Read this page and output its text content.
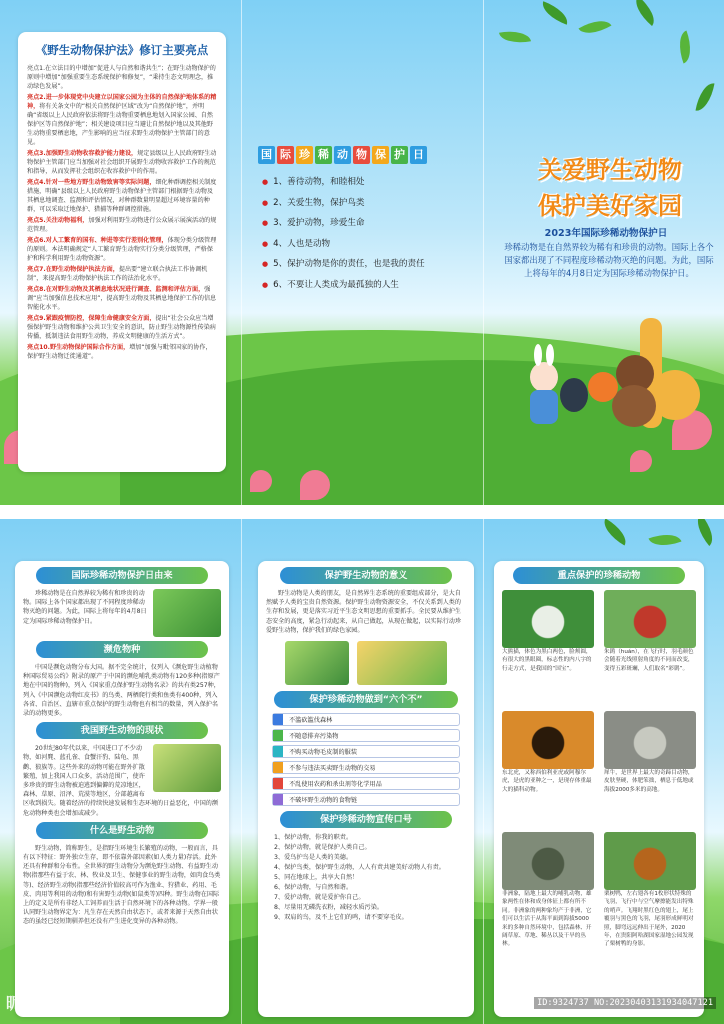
《野生动物保护法》修订主要亮点
亮点1.在立法目的中增加“促进人与自然和谐共生”；在野生动物保护的原则中增加“加强重要生态系统保护和修复”，“秉持生态文明理念，推动绿色发展”。
亮点2.进一步体现党中央建立以国家公园为主体的自然保护地体系的精神，将有关条文中的“相关自然保护区域”改为“自然保护地”，并明确“省级以上人民政府依法将野生动物重要栖息地划入国家公园、自然保护区等自然保护地”；相关建设项目应当避让自然保护地以及其他野生动物重要栖息地，产生影响的应当征求野生动物保护主管部门的意见。
亮点3.加强野生动物收容救护能力建设，规定县级以上人民政府野生动物保护主管部门应当加强对社会组织开展野生动物收容救护工作的规范和指导，从而发挥社会组织在收容救护中的作用。
亮点4.针对一些地方野生动物致害等实际问题，细化种群调控相关制度措施，明确“县级以上人民政府野生动物保护主管部门根据野生动物及其栖息地调查、监测和评估情况，对种群数量明显超过环境容量的种群，可以采取迁地保护、猎捕等种群调控措施。
亮点5.关注动物福利，加强对利用野生动物进行公众展示展演活动的规范管理。
亮点6.对人工繁育的国有、种进等实行差别化管理，体现分类分级管理的原则。本法明确规定“人工繁育野生动物实行分类分级管理，严格保护和科学利用野生动物资源”。
亮点7.在野生动物保护执法方面，提出要“建立联合执法工作协调机制”，来提高野生动物保护执法工作的法治化水平。
亮点8.在对野生动物及其栖息地状况进行调查、监测和评估方面，强调“应当加强信息技术应用”，提高野生动物及其栖息地保护工作的信息智能化水平。
亮点9.紧跟疫情防控，保障生命健康安全方面，提出“社会公众应当增强保护野生动物和维护公共卫生安全的意识，防止野生动物源性传染病传播，抵制违法食用野生动物，养成文明健康的生活方式”。
亮点10.野生动物保护国际合作方面，增加“加强与毗邻国家的协作，保护野生动物迁徙通道”。
国 际 珍 稀 动 物 保 护 日
● 1、善待动物，和睦相处
● 2、关爱生物，保护鸟类
● 3、爱护动物，珍爱生命
● 4、人也是动物
● 5、保护动物是你的责任，也是我的责任
● 6、不要让人类成为最孤独的人生
关爱野生动物
保护美好家园
2023年国际珍稀动物保护日
珍稀动物是在自然界较为稀有和珍贵的动物。国际上各个国家都出现了不同程度珍稀动物灭绝的问题。为此，国际上将每年的4月8日定为国际珍稀动物保护日。
国际珍稀动物保护日由来
珍稀动物是在自然界较为稀有和珍贵的动物。国际上各个国家都出现了不同程度珍稀动物灭绝的问题。为此，国际上将每年的4月8日定为国际珍稀动物保护日。
濒危物种
中国是濒危动物分布大国。据不完全统计，仅列入《濒危野生动植物种国际贸易公约》附录的原产于中国的濒危哺乳类动物有120多种(指原产地在中国的物种)，列入《国家重点保护野生动物名录》的共有类257种，列入《中国濒危动物红皮书》的鸟类、两栖爬行类和鱼类有400种，列入各省、自治区、直辖市重点保护的野生动物也有相当的数量，列入保护名录的动物更多。
我国野生动物的现状
20世纪80年代以来，中国进口了不少动物，如河麂、蓝孔雀、食蟹汗豹、陆龟、黑鹳、狼族等。这些外来的动物可能在野外扩散繁殖，加上我国人口众多，活动范围广，使许多珍贵的野生动物被迫逃到偏僻的荒凉地区，森林、草原、沼泽、荒漠等地区，分部越离布区收到损失。随着经济的持续快速发展和生态环境的日益恶化，中国的濒危动物种类也会增加或减少。
什么是野生动物
野生动物，简称野生，是指野生环境生长繁殖的动物，一般而言，具有以下特征：野外独立生存，即不依靠外部因素(如人类力量)存活。此外还具有种群和分布性。全世界的野生动物分为濒危野生动物、有益野生动物(指那些有益于农、林、牧业及卫生、保健事业的野生动物，如肉食鸟类等)、经济野生动物(指那些经济价值较高可作为渔业、狩猎业、药用、毛皮、肉用等利用的动物)和有害野生动物(如鼠类等)四种。野生动物在国际上的定义是所有非经人工饲养而生活于自然环境下的各种动物。学界一般认同野生动物界定为：凡生存在天然自由状态下，或者来源于天然自由状态的虽经已经短期驯养但还没有产生进化变异的各种动物。
保护野生动物的意义
野生动物是人类的朋友，是自然界生态系统的重要组成部分，是大自然赋予人类的宝贵自然资源。保护野生动物资源安全，不仅关系到人类的生存和发展，更是落实习近平生态文明思想的重要抓手。全民要从维护生态安全的高度，紧急行动起来，从自己做起，从现在做起，以实际行动珍爱野生动物，保护我们的绿色家园。
保护珍稀动物做到“六个不”
不滥砍滥伐森林
不随意排弃污染物
不购买动物毛皮制的服装
不参与违法买卖野生动物的交易
不乱使用农药和杀虫剂等化学用品
不破坏野生动物的食物链
保护珍稀动物宣传口号
1、保护动物，你我的职责。
2、保护动物，就是保护人类自己。
3、爱鸟护鸟是人类的美德。
4、保护鸟类，保护野生动物，人人有责共建美好动物人有责。
5、同在地球上，共享大自然！
6、保护动物，与自然和谐。
7、爱护动物，就是爱护你自己。
8、尽量用无磷洗衣粉，减轻水质污染。
9、双肩的鸟，及不上它们的鸣，请不要穿毛皮。
重点保护的珍稀动物
大熊猫，体色为黑白两色，脸颊圆，有很大的黑眼圈，标志性的内八字的行走方式，是我国的“国宝”。
朱鹮（huán），在飞行时，羽毛颜色会随着光线照射角度的不同而改变，变得五彩斑斓，人们取名“彩鹮”。
东北虎，又称西伯利亚虎或阿穆尔虎，是虎的亚种之一，是现存体重最大的猫科动物。
犀牛，是世界上最大的奇蹄目动物，皮肤坚硬，体肥笨拙，栖息于低地或海拔2000多米的高地。
非洲象，陆地上最大的哺乳动物，雄象两性在体和成身体征上都有所不同。非洲象的两种象均产于非洲，它们可以生活于从海平面到海拔5000米的多种自然环境中，包括森林、开阔草原、草地、稀丛以及干旱的丛林。
栗树鸭，左右翅各有1枚形状特殊的飞羽，飞行中与空气摩擦能发出特殊的哨声。飞翔时黑红色的翅上，尾上覆羽与黑色的飞羽，尾羽形成鲜明对照，脚弯远远伸出于尾外，2020年，在贵阳阿哈湖国家湿地公园发现了栗树鸭的身影。
昵图网 www.nipic.com	ID:9324737 NO:20230403131934047121
